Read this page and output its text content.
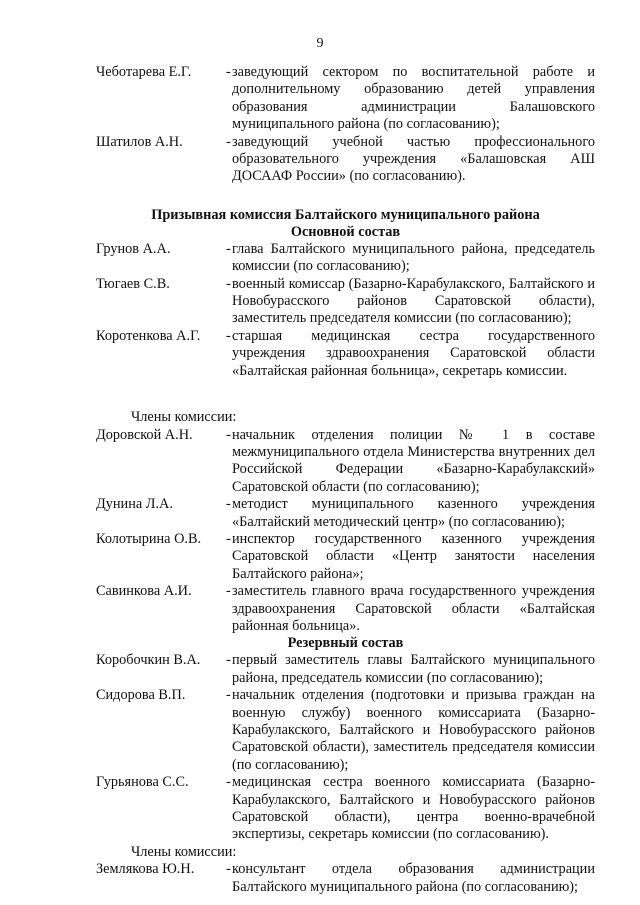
9
Чеботарева Е.Г.	- заведующий сектором по воспитательной работе и дополнительному образованию детей управления образования администрации Балашовского муниципального района (по согласованию);
Шатилов А.Н.	- заведующий учебной частью профессионального образовательного учреждения «Балашовская АШ ДОСААФ России» (по согласованию).
Призывная комиссия Балтайского муниципального района
Основной состав
Грунов А.А.	- глава Балтайского муниципального района, председатель комиссии (по согласованию);
Тюгаев С.В.	- военный комиссар (Базарно-Карабулакского, Балтайского и Новобурасского районов Саратовской области), заместитель председателя комиссии (по согласованию);
Коротенкова А.Г.	- старшая медицинская сестра государственного учреждения здравоохранения Саратовской области «Балтайская районная больница», секретарь комиссии.
Члены комиссии:
Доровской А.Н.	- начальник отделения полиции № 1 в составе межмуниципального отдела Министерства внутренних дел Российской Федерации «Базарно-Карабулакский» Саратовской области (по согласованию);
Дунина Л.А.	- методист муниципального казенного учреждения «Балтайский методический центр» (по согласованию);
Колотырина О.В.	- инспектор государственного казенного учреждения Саратовской области «Центр занятости населения Балтайского района»;
Савинкова А.И.	- заместитель главного врача государственного учреждения здравоохранения Саратовской области «Балтайская районная больница».
Резервный состав
Коробочкин В.А.	- первый заместитель главы Балтайского муниципального района, председатель комиссии (по согласованию);
Сидорова В.П.	- начальник отделения (подготовки и призыва граждан на военную службу) военного комиссариата (Базарно-Карабулакского, Балтайского и Новобурасского районов Саратовской области), заместитель председателя комиссии (по согласованию);
Гурьянова С.С.	- медицинская сестра военного комиссариата (Базарно-Карабулакского, Балтайского и Новобурасского районов Саратовской области), центра военно-врачебной экспертизы, секретарь комиссии (по согласованию).
Члены комиссии:
Землякова Ю.Н.	- консультант отдела образования администрации Балтайского муниципального района (по согласованию);
